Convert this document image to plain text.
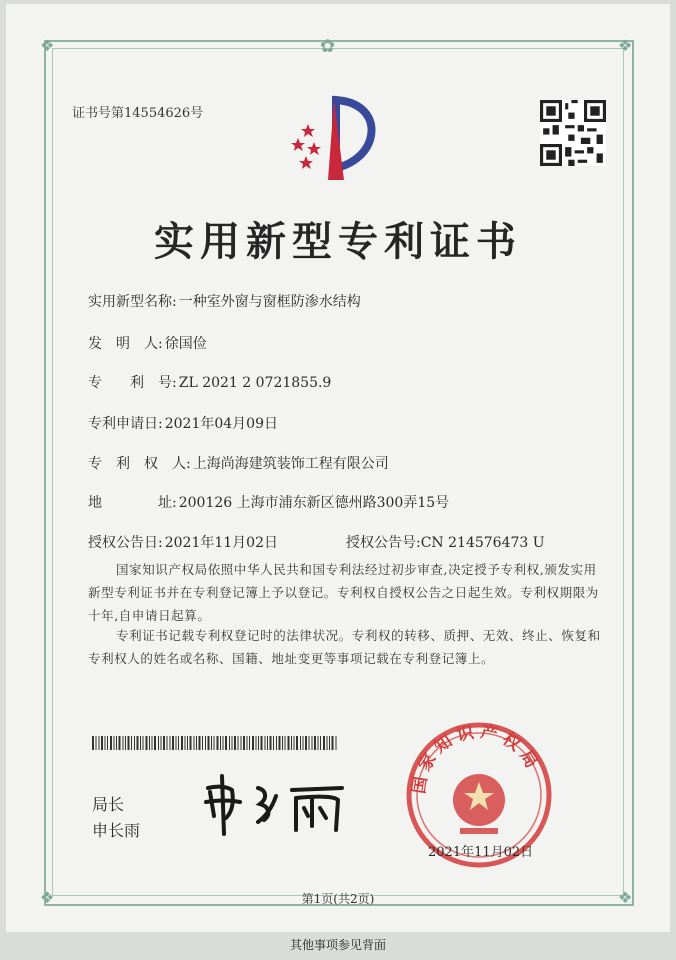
❖	❖
❖	❖
✿
证书号第14554626号
实用新型专利证书
实用新型名称: 一种室外窗与窗框防渗水结构
发　明　人: 徐国俭
专　　利　号: ZL 2021 2 0721855.9
专利申请日: 2021年04月09日
专　利　权　人: 上海尚海建筑装饰工程有限公司
地　　　　址: 200126 上海市浦东新区德州路300弄15号
授权公告日: 2021年11月02日	授权公告号:CN 214576473 U
国家知识产权局依照中华人民共和国专利法经过初步审查,决定授予专利权,颁发实用新型专利证书并在专利登记簿上予以登记。专利权自授权公告之日起生效。专利权期限为十年,自申请日起算。
专利证书记载专利权登记时的法律状况。专利权的转移、质押、无效、终止、恢复和专利权人的姓名或名称、国籍、地址变更等事项记载在专利登记簿上。
局长
申长雨
国家知识产权局
2021年11月02日
第1页(共2页)
其他事项参见背面
